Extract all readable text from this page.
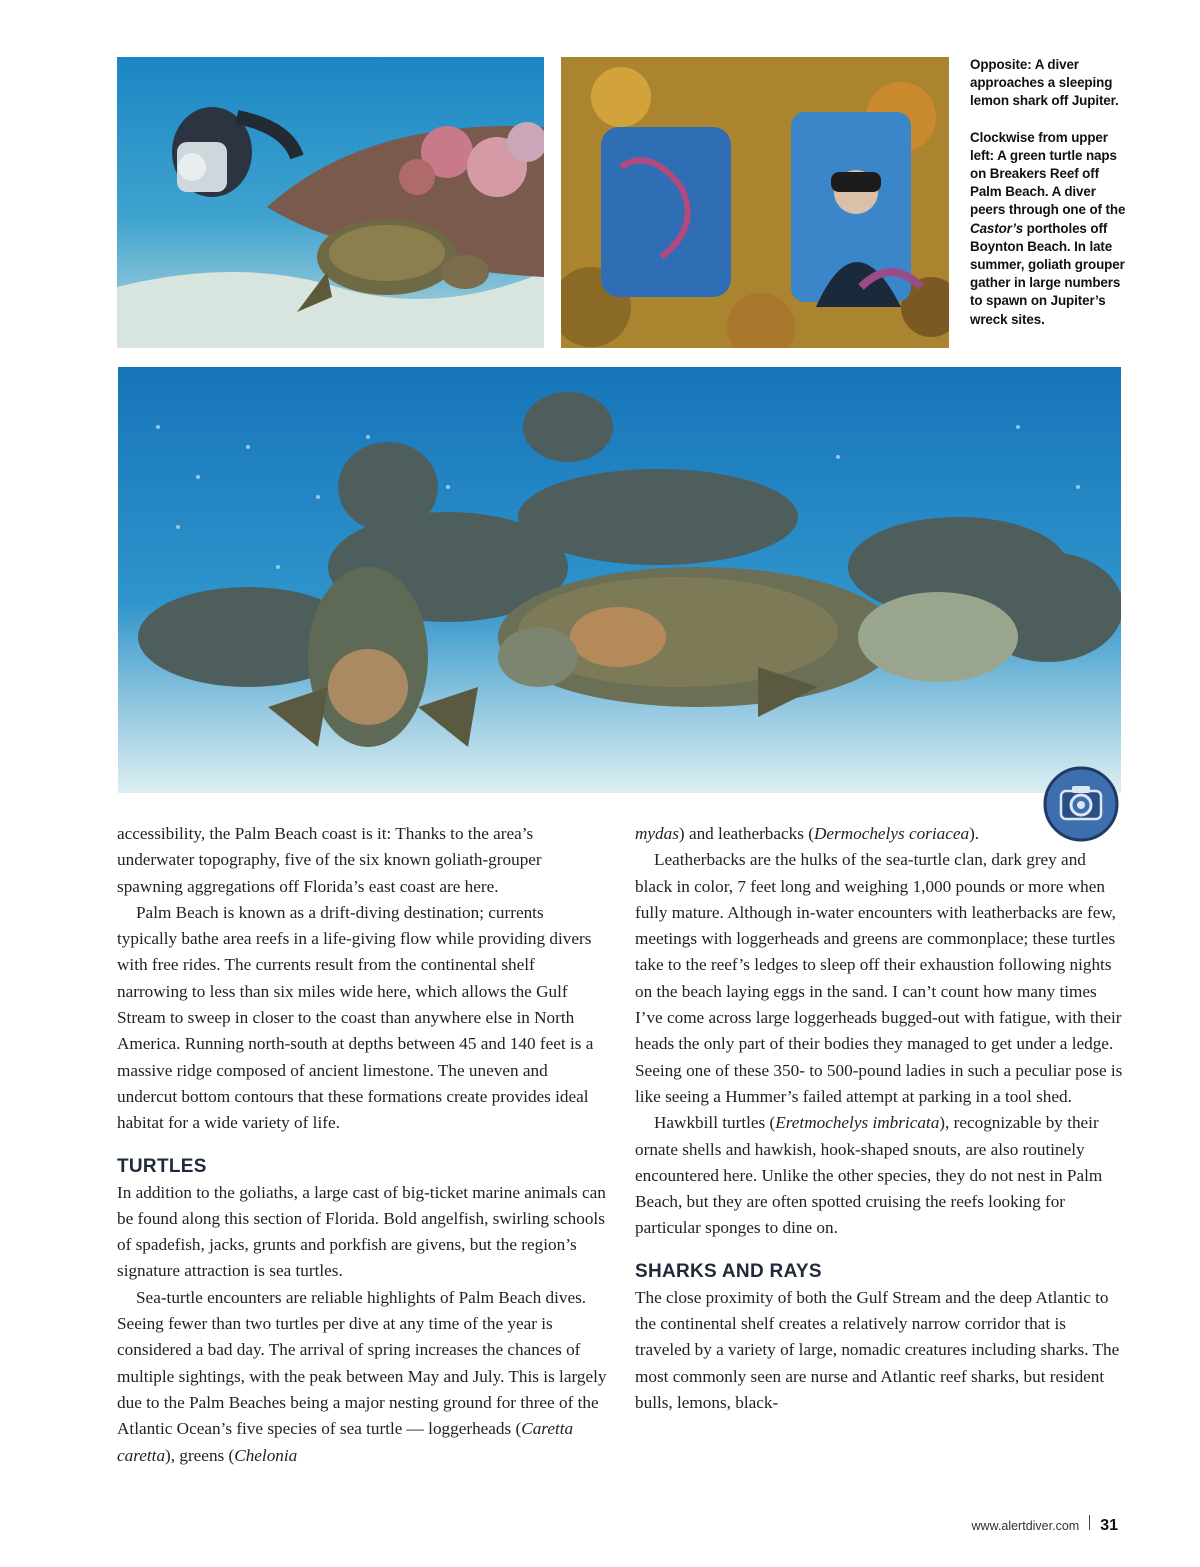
Opposite: A diver approaches a sleeping lemon shark off Jupiter.

Clockwise from upper left: A green turtle naps on Breakers Reef off Palm Beach. A diver peers through one of the Castor’s portholes off Boynton Beach. In late summer, goliath grouper gather in large numbers to spawn on Jupiter’s wreck sites.

accessibility, the Palm Beach coast is it: Thanks to the area’s underwater topography, five of the six known goliath-grouper spawning aggregations off Florida’s east coast are here.

Palm Beach is known as a drift-diving destination; currents typically bathe area reefs in a life-giving flow while providing divers with free rides. The currents result from the continental shelf narrowing to less than six miles wide here, which allows the Gulf Stream to sweep in closer to the coast than anywhere else in North America. Running north-south at depths between 45 and 140 feet is a massive ridge composed of ancient limestone. The uneven and undercut bottom contours that these formations create provides ideal habitat for a wide variety of life.

TURTLES

In addition to the goliaths, a large cast of big-ticket marine animals can be found along this section of Florida. Bold angelfish, swirling schools of spadefish, jacks, grunts and porkfish are givens, but the region’s signature attraction is sea turtles.

Sea-turtle encounters are reliable highlights of Palm Beach dives. Seeing fewer than two turtles per dive at any time of the year is considered a bad day. The arrival of spring increases the chances of multiple sightings, with the peak between May and July. This is largely due to the Palm Beaches being a major nesting ground for three of the Atlantic Ocean’s five species of sea turtle — loggerheads (Caretta caretta), greens (Chelonia

mydas) and leatherbacks (Dermochelys coriacea).

Leatherbacks are the hulks of the sea-turtle clan, dark grey and black in color, 7 feet long and weighing 1,000 pounds or more when fully mature. Although in-water encounters with leatherbacks are few, meetings with loggerheads and greens are commonplace; these turtles take to the reef’s ledges to sleep off their exhaustion following nights on the beach laying eggs in the sand. I can’t count how many times I’ve come across large loggerheads bugged-out with fatigue, with their heads the only part of their bodies they managed to get under a ledge. Seeing one of these 350- to 500-pound ladies in such a peculiar pose is like seeing a Hummer’s failed attempt at parking in a tool shed.

Hawkbill turtles (Eretmochelys imbricata), recognizable by their ornate shells and hawkish, hook-shaped snouts, are also routinely encountered here. Unlike the other species, they do not nest in Palm Beach, but they are often spotted cruising the reefs looking for particular sponges to dine on.

SHARKS AND RAYS

The close proximity of both the Gulf Stream and the deep Atlantic to the continental shelf creates a relatively narrow corridor that is traveled by a variety of large, nomadic creatures including sharks. The most commonly seen are nurse and Atlantic reef sharks, but resident bulls, lemons, black-

www.alertdiver.com 31
